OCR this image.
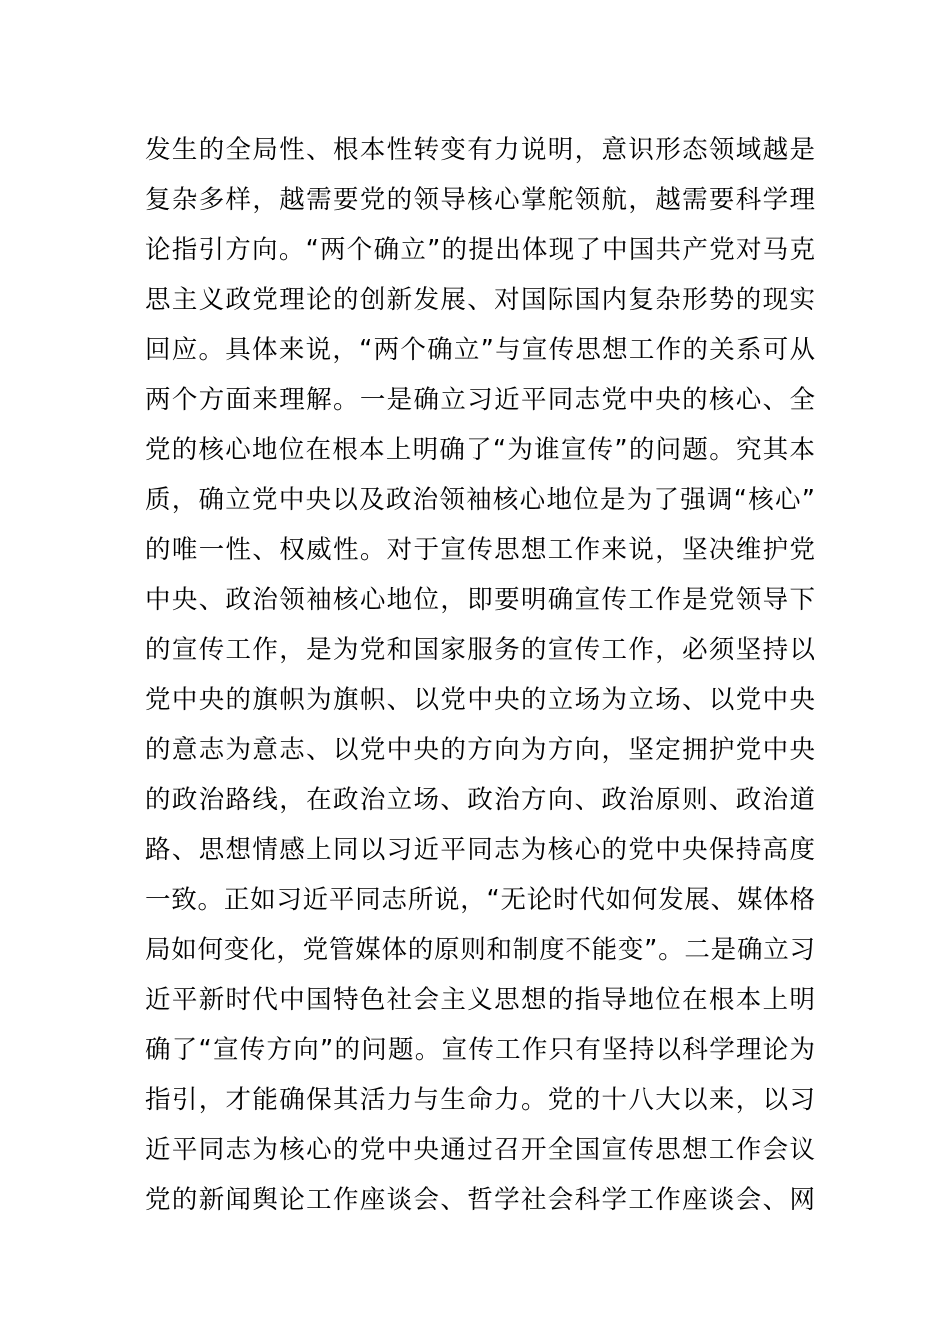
发生的全局性、根本性转变有力说明，意识形态领域越是
复杂多样，越需要党的领导核心掌舵领航，越需要科学理
论指引方向。“两个确立”的提出体现了中国共产党对马克
思主义政党理论的创新发展、对国际国内复杂形势的现实
回应。具体来说，“两个确立”与宣传思想工作的关系可从
两个方面来理解。一是确立习近平同志党中央的核心、全
党的核心地位在根本上明确了“为谁宣传”的问题。究其本
质，确立党中央以及政治领袖核心地位是为了强调“核心”
的唯一性、权威性。对于宣传思想工作来说，坚决维护党
中央、政治领袖核心地位，即要明确宣传工作是党领导下
的宣传工作，是为党和国家服务的宣传工作，必须坚持以
党中央的旗帜为旗帜、以党中央的立场为立场、以党中央
的意志为意志、以党中央的方向为方向，坚定拥护党中央
的政治路线，在政治立场、政治方向、政治原则、政治道
路、思想情感上同以习近平同志为核心的党中央保持高度
一致。正如习近平同志所说，“无论时代如何发展、媒体格
局如何变化，党管媒体的原则和制度不能变”。二是确立习
近平新时代中国特色社会主义思想的指导地位在根本上明
确了“宣传方向”的问题。宣传工作只有坚持以科学理论为
指引，才能确保其活力与生命力。党的十八大以来，以习
近平同志为核心的党中央通过召开全国宣传思想工作会议
党的新闻舆论工作座谈会、哲学社会科学工作座谈会、网
